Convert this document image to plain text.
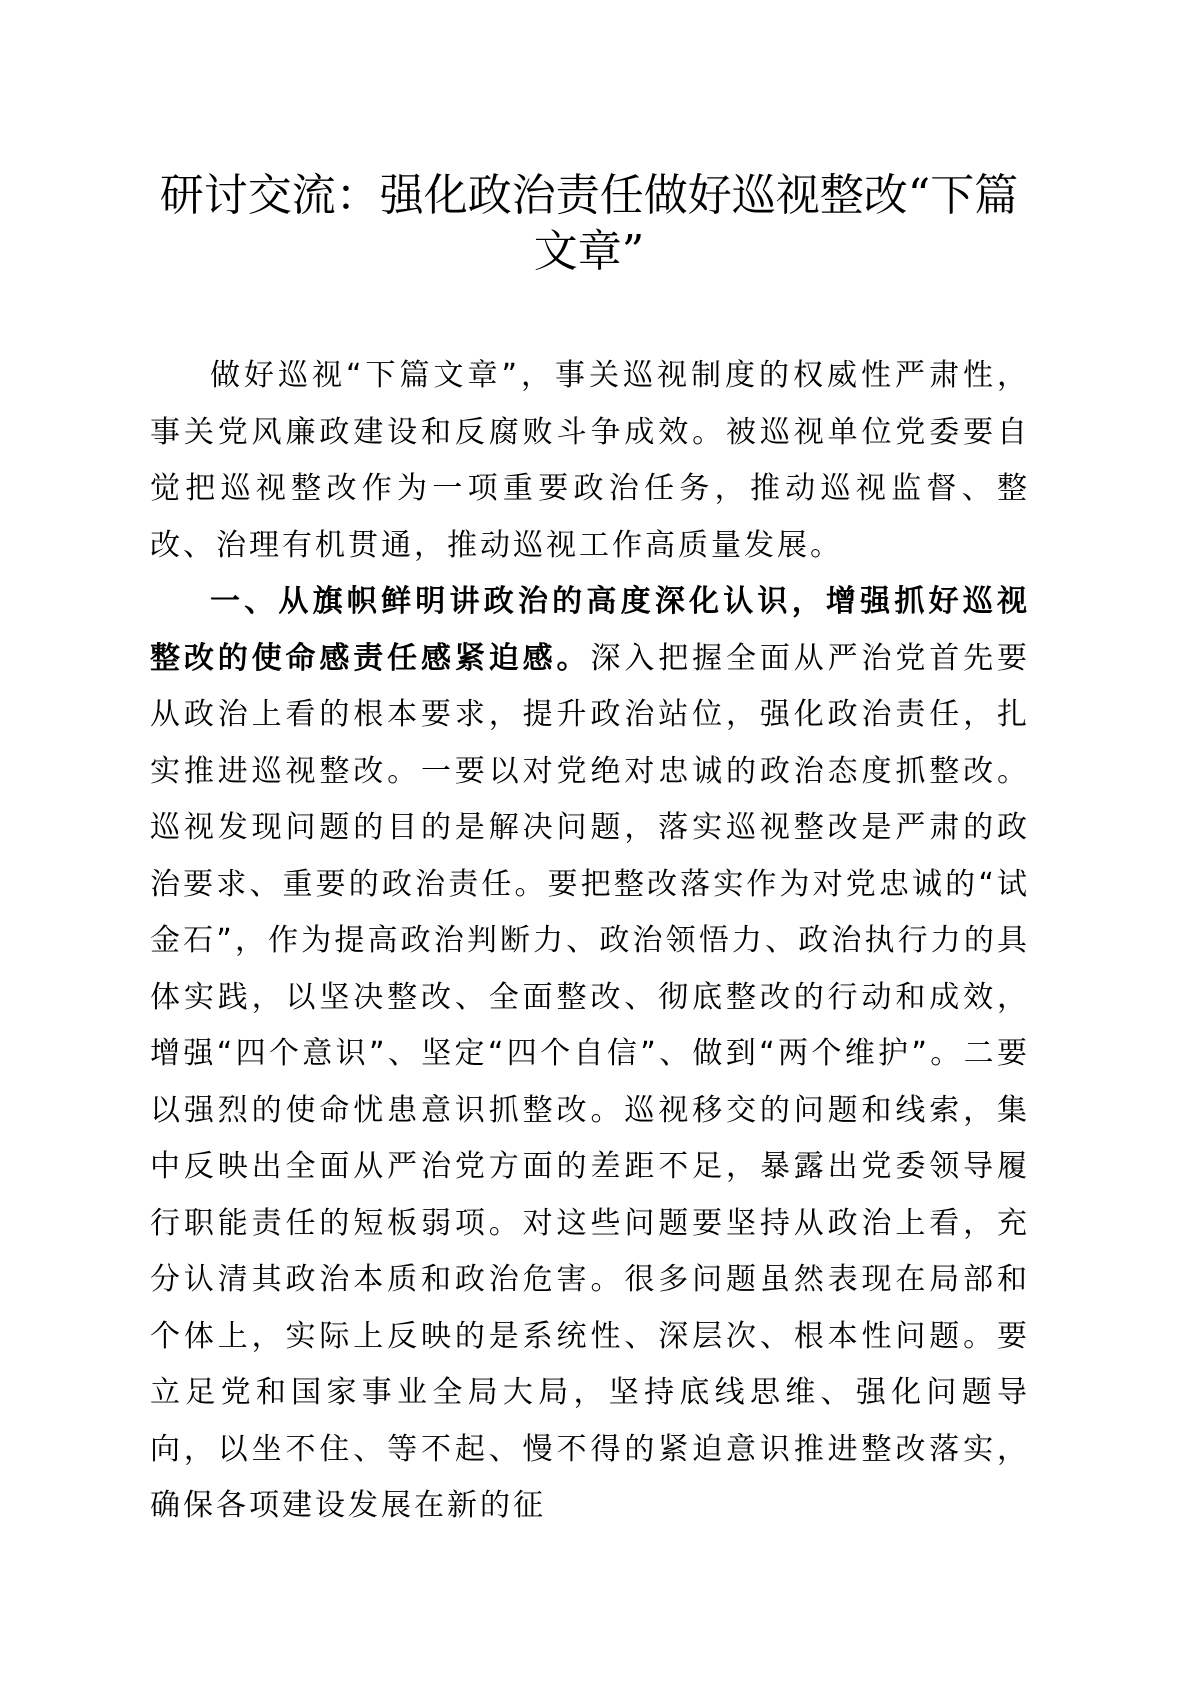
研讨交流：强化政治责任做好巡视整改“下篇文章”

做好巡视“下篇文章”，事关巡视制度的权威性严肃性，事关党风廉政建设和反腐败斗争成效。被巡视单位党委要自觉把巡视整改作为一项重要政治任务，推动巡视监督、整改、治理有机贯通，推动巡视工作高质量发展。

一、从旗帜鲜明讲政治的高度深化认识，增强抓好巡视整改的使命感责任感紧迫感。深入把握全面从严治党首先要从政治上看的根本要求，提升政治站位，强化政治责任，扎实推进巡视整改。一要以对党绝对忠诚的政治态度抓整改。巡视发现问题的目的是解决问题，落实巡视整改是严肃的政治要求、重要的政治责任。要把整改落实作为对党忠诚的“试金石”，作为提高政治判断力、政治领悟力、政治执行力的具体实践，以坚决整改、全面整改、彻底整改的行动和成效，增强“四个意识”、坚定“四个自信”、做到“两个维护”。二要以强烈的使命忧患意识抓整改。巡视移交的问题和线索，集中反映出全面从严治党方面的差距不足，暴露出党委领导履行职能责任的短板弱项。对这些问题要坚持从政治上看，充分认清其政治本质和政治危害。很多问题虽然表现在局部和个体上，实际上反映的是系统性、深层次、根本性问题。要立足党和国家事业全局大局，坚持底线思维、强化问题导向，以坐不住、等不起、慢不得的紧迫意识推进整改落实，确保各项建设发展在新的征
